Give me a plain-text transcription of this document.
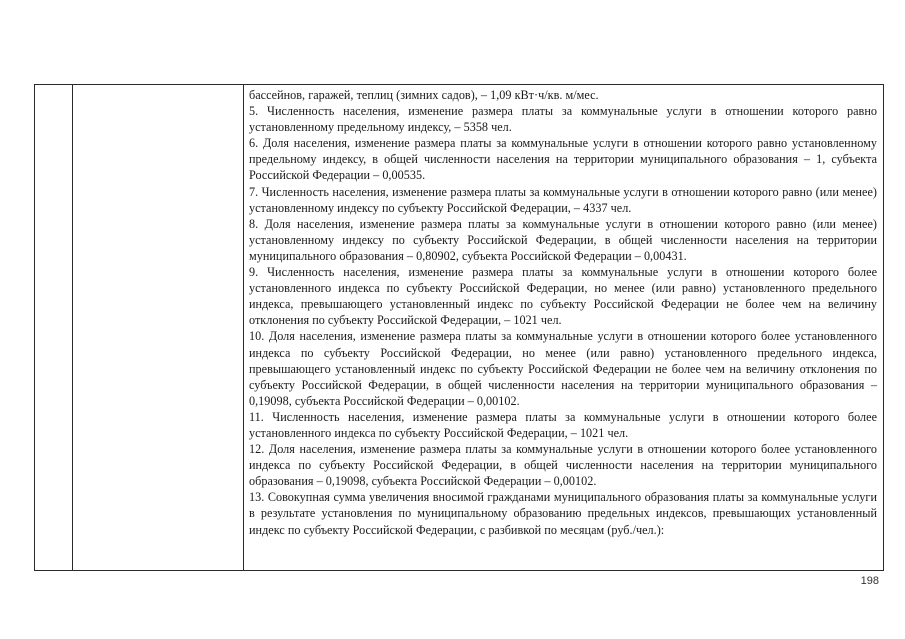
бассейнов, гаражей, теплиц (зимних садов), – 1,09 кВт·ч/кв. м/мес.

5. Численность населения, изменение размера платы за коммунальные услуги в отношении которого равно установленному предельному индексу, – 5358 чел.

6. Доля населения, изменение размера платы за коммунальные услуги в отношении которого равно установленному предельному индексу, в общей численности населения на территории муниципального образования – 1, субъекта Российской Федерации – 0,00535.

7. Численность населения, изменение размера платы за коммунальные услуги в отношении которого равно (или менее) установленному индексу по субъекту Российской Федерации, – 4337 чел.

8. Доля населения, изменение размера платы за коммунальные услуги в отношении которого равно (или менее) установленному индексу по субъекту Российской Федерации, в общей численности населения на территории муниципального образования – 0,80902, субъекта Российской Федерации – 0,00431.

9. Численность населения, изменение размера платы за коммунальные услуги в отношении которого более установленного индекса по субъекту Российской Федерации, но менее (или равно) установленного предельного индекса, превышающего установленный индекс по субъекту Российской Федерации не более чем на величину отклонения по субъекту Российской Федерации, – 1021 чел.

10. Доля населения, изменение размера платы за коммунальные услуги в отношении которого более установленного индекса по субъекту Российской Федерации, но менее (или равно) установленного предельного индекса, превышающего установленный индекс по субъекту Российской Федерации не более чем на величину отклонения по субъекту Российской Федерации, в общей численности населения на территории муниципального образования – 0,19098, субъекта Российской Федерации – 0,00102.

11. Численность населения, изменение размера платы за коммунальные услуги в отношении которого более установленного индекса по субъекту Российской Федерации, – 1021 чел.

12. Доля населения, изменение размера платы за коммунальные услуги в отношении которого более установленного индекса по субъекту Российской Федерации, в общей численности населения на территории муниципального образования – 0,19098, субъекта Российской Федерации – 0,00102.

13. Совокупная сумма увеличения вносимой гражданами муниципального образования платы за коммунальные услуги в результате установления по муниципальному образованию предельных индексов, превышающих установленный индекс по субъекту Российской Федерации, с разбивкой по месяцам (руб./чел.):

198
